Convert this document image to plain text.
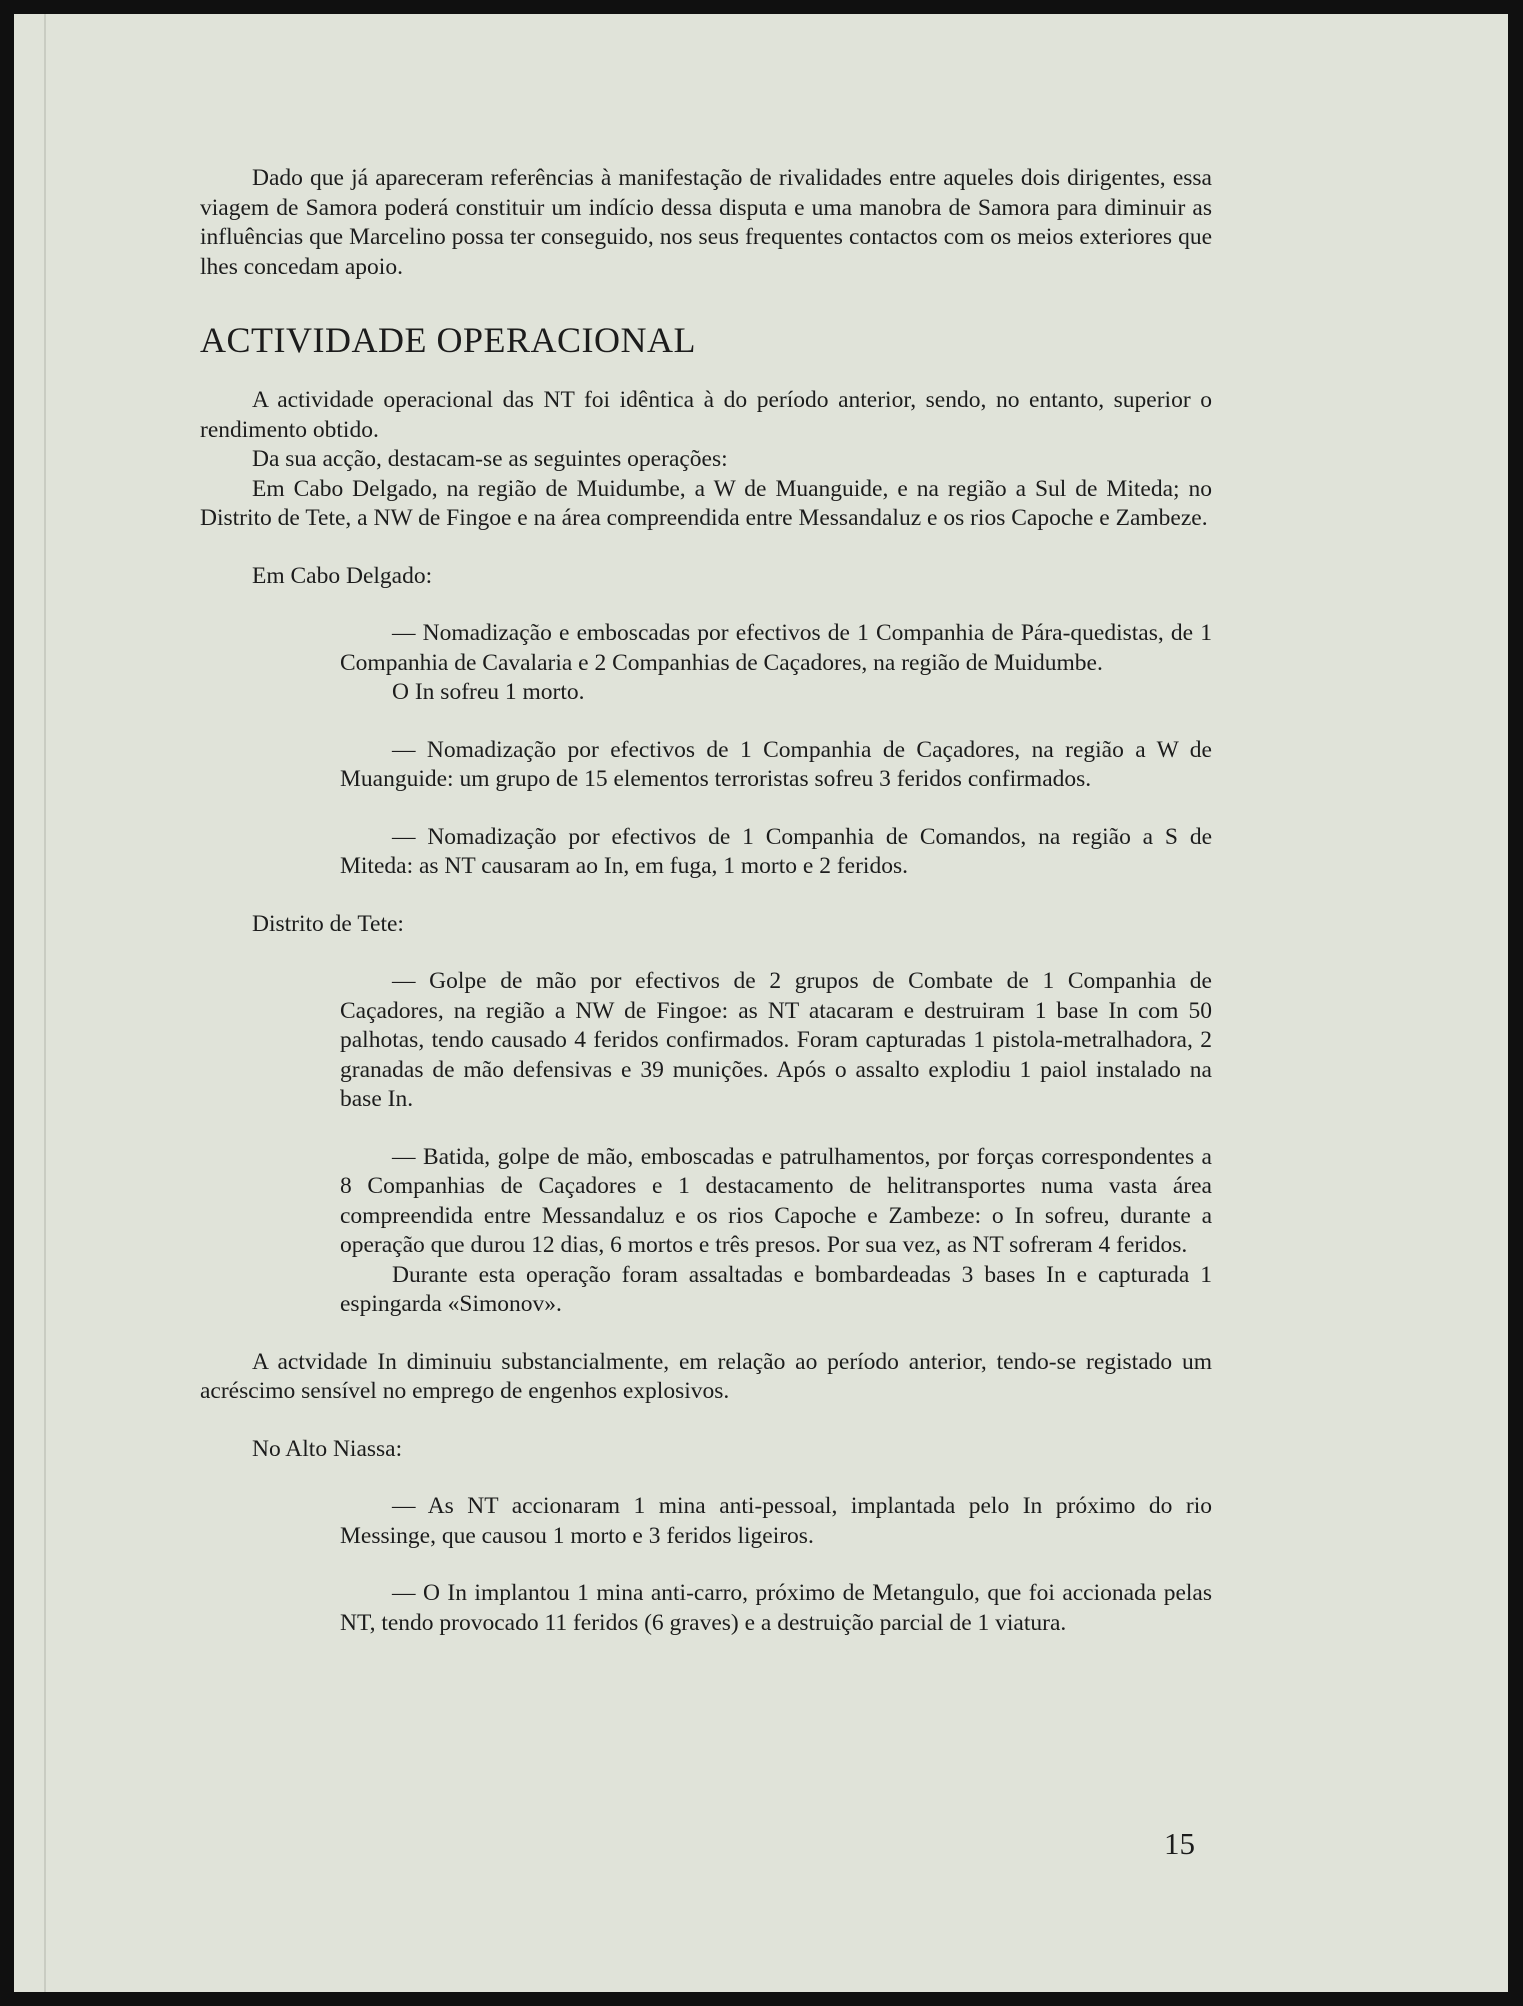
Dado que já apareceram referências à manifestação de rivalidades entre aqueles dois dirigentes, essa viagem de Samora poderá constituir um indício dessa disputa e uma manobra de Samora para diminuir as influências que Marcelino possa ter conseguido, nos seus frequentes contactos com os meios exteriores que lhes concedam apoio.

ACTIVIDADE OPERACIONAL

A actividade operacional das NT foi idêntica à do período anterior, sendo, no entanto, superior o rendimento obtido.

Da sua acção, destacam-se as seguintes operações:

Em Cabo Delgado, na região de Muidumbe, a W de Muanguide, e na região a Sul de Miteda; no Distrito de Tete, a NW de Fingoe e na área compreendida entre Messandaluz e os rios Capoche e Zambeze.

Em Cabo Delgado:

— Nomadização e emboscadas por efectivos de 1 Companhia de Pára-quedistas, de 1 Companhia de Cavalaria e 2 Companhias de Caçadores, na região de Muidumbe.

O In sofreu 1 morto.

— Nomadização por efectivos de 1 Companhia de Caçadores, na região a W de Muanguide: um grupo de 15 elementos terroristas sofreu 3 feridos confirmados.

— Nomadização por efectivos de 1 Companhia de Comandos, na região a S de Miteda: as NT causaram ao In, em fuga, 1 morto e 2 feridos.

Distrito de Tete:

— Golpe de mão por efectivos de 2 grupos de Combate de 1 Companhia de Caçadores, na região a NW de Fingoe: as NT atacaram e destruiram 1 base In com 50 palhotas, tendo causado 4 feridos confirmados. Foram capturadas 1 pistola-metralhadora, 2 granadas de mão defensivas e 39 munições. Após o assalto explodiu 1 paiol instalado na base In.

— Batida, golpe de mão, emboscadas e patrulhamentos, por forças correspondentes a 8 Companhias de Caçadores e 1 destacamento de helitransportes numa vasta área compreendida entre Messandaluz e os rios Capoche e Zambeze: o In sofreu, durante a operação que durou 12 dias, 6 mortos e três presos. Por sua vez, as NT sofreram 4 feridos.

Durante esta operação foram assaltadas e bombardeadas 3 bases In e capturada 1 espingarda «Simonov».

A actvidade In diminuiu substancialmente, em relação ao período anterior, tendo-se registado um acréscimo sensível no emprego de engenhos explosivos.

No Alto Niassa:

— As NT accionaram 1 mina anti-pessoal, implantada pelo In próximo do rio Messinge, que causou 1 morto e 3 feridos ligeiros.

— O In implantou 1 mina anti-carro, próximo de Metangulo, que foi accionada pelas NT, tendo provocado 11 feridos (6 graves) e a destruição parcial de 1 viatura.

15
